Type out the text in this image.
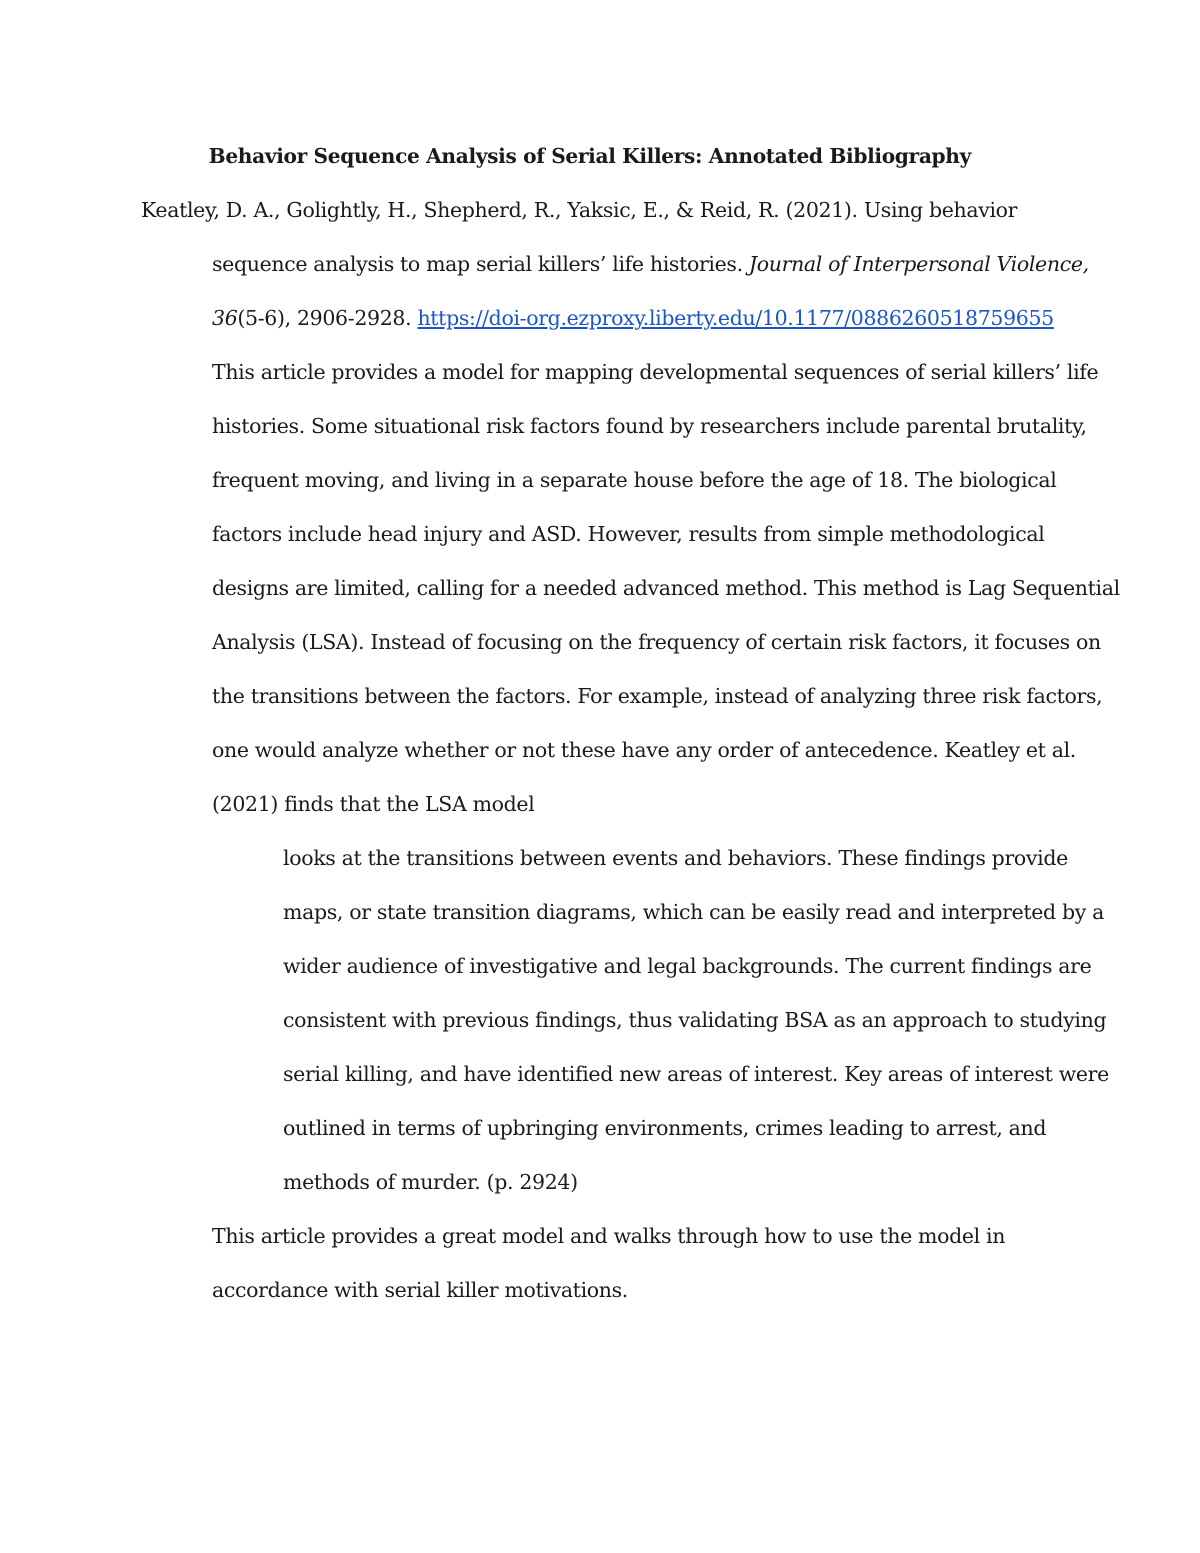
Behavior Sequence Analysis of Serial Killers: Annotated Bibliography
Keatley, D. A., Golightly, H., Shepherd, R., Yaksic, E., & Reid, R. (2021). Using behavior
sequence analysis to map serial killers’ life histories. Journal of Interpersonal Violence,
36(5-6), 2906-2928. https://doi-org.ezproxy.liberty.edu/10.1177/0886260518759655
This article provides a model for mapping developmental sequences of serial killers’ life
histories. Some situational risk factors found by researchers include parental brutality,
frequent moving, and living in a separate house before the age of 18. The biological
factors include head injury and ASD. However, results from simple methodological
designs are limited, calling for a needed advanced method. This method is Lag Sequential
Analysis (LSA). Instead of focusing on the frequency of certain risk factors, it focuses on
the transitions between the factors. For example, instead of analyzing three risk factors,
one would analyze whether or not these have any order of antecedence. Keatley et al.
(2021) finds that the LSA model
looks at the transitions between events and behaviors. These findings provide
maps, or state transition diagrams, which can be easily read and interpreted by a
wider audience of investigative and legal backgrounds. The current findings are
consistent with previous findings, thus validating BSA as an approach to studying
serial killing, and have identified new areas of interest. Key areas of interest were
outlined in terms of upbringing environments, crimes leading to arrest, and
methods of murder. (p. 2924)
This article provides a great model and walks through how to use the model in
accordance with serial killer motivations.
